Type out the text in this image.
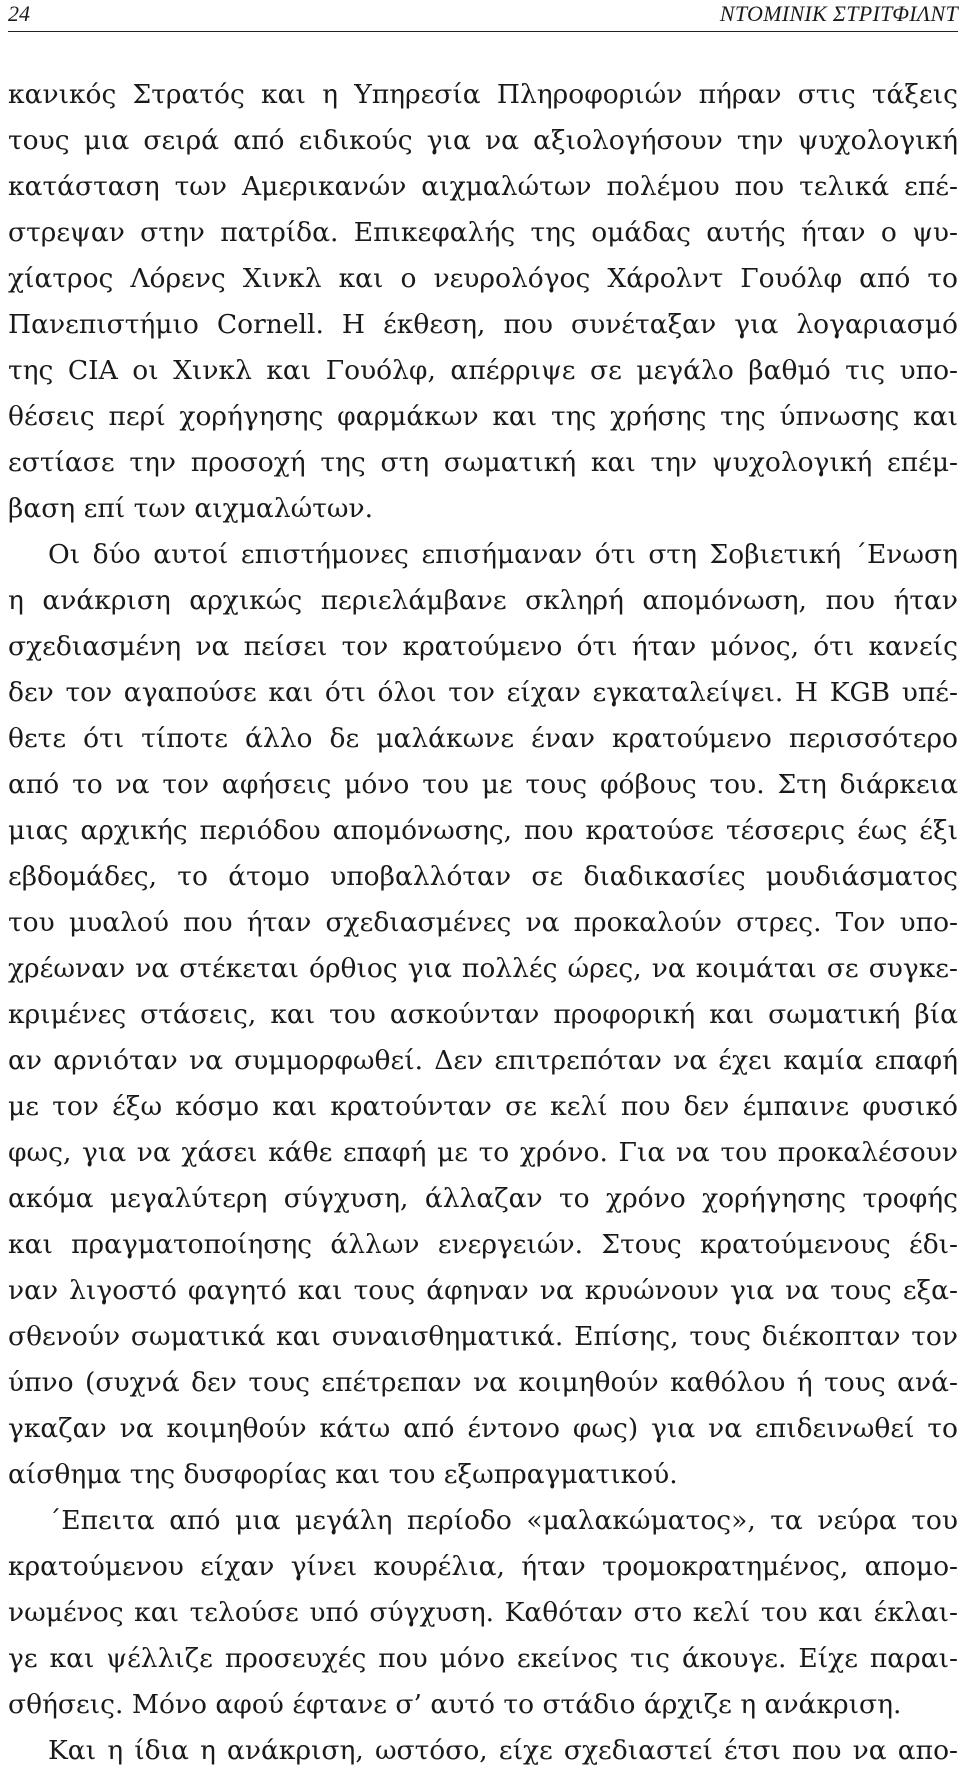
24	ΝΤΟΜΙΝΙΚ ΣΤΡΙΤΦΙΛΝΤ
κανικός Στρατός και η Υπηρεσία Πληροφοριών πήραν στις τάξεις
τους μια σειρά από ειδικούς για να αξιολογήσουν την ψυχολογική
κατάσταση των Αμερικανών αιχμαλώτων πολέμου που τελικά επέ-
στρεψαν στην πατρίδα. Επικεφαλής της ομάδας αυτής ήταν ο ψυ-
χίατρος Λόρενς Χινκλ και ο νευρολόγος Χάρολντ Γουόλφ από το
Πανεπιστήμιο Cornell. Η έκθεση, που συνέταξαν για λογαριασμό
της CIA οι Χινκλ και Γουόλφ, απέρριψε σε μεγάλο βαθμό τις υπο-
θέσεις περί χορήγησης φαρμάκων και της χρήσης της ύπνωσης και
εστίασε την προσοχή της στη σωματική και την ψυχολογική επέμ-
βαση επί των αιχμαλώτων.
Οι δύο αυτοί επιστήμονες επισήμαναν ότι στη Σοβιετική ΄Ενωση
η ανάκριση αρχικώς περιελάμβανε σκληρή απομόνωση, που ήταν
σχεδιασμένη να πείσει τον κρατούμενο ότι ήταν μόνος, ότι κανείς
δεν τον αγαπούσε και ότι όλοι τον είχαν εγκαταλείψει. Η KGB υπέ-
θετε ότι τίποτε άλλο δε μαλάκωνε έναν κρατούμενο περισσότερο
από το να τον αφήσεις μόνο του με τους φόβους του. Στη διάρκεια
μιας αρχικής περιόδου απομόνωσης, που κρατούσε τέσσερις έως έξι
εβδομάδες, το άτομο υποβαλλόταν σε διαδικασίες μουδιάσματος
του μυαλού που ήταν σχεδιασμένες να προκαλούν στρες. Τον υπο-
χρέωναν να στέκεται όρθιος για πολλές ώρες, να κοιμάται σε συγκε-
κριμένες στάσεις, και του ασκούνταν προφορική και σωματική βία
αν αρνιόταν να συμμορφωθεί. Δεν επιτρεπόταν να έχει καμία επαφή
με τον έξω κόσμο και κρατούνταν σε κελί που δεν έμπαινε φυσικό
φως, για να χάσει κάθε επαφή με το χρόνο. Για να του προκαλέσουν
ακόμα μεγαλύτερη σύγχυση, άλλαζαν το χρόνο χορήγησης τροφής
και πραγματοποίησης άλλων ενεργειών. Στους κρατούμενους έδι-
ναν λιγοστό φαγητό και τους άφηναν να κρυώνουν για να τους εξα-
σθενούν σωματικά και συναισθηματικά. Επίσης, τους διέκοπταν τον
ύπνο (συχνά δεν τους επέτρεπαν να κοιμηθούν καθόλου ή τους ανά-
γκαζαν να κοιμηθούν κάτω από έντονο φως) για να επιδεινωθεί το
αίσθημα της δυσφορίας και του εξωπραγματικού.
΄Επειτα από μια μεγάλη περίοδο «μαλακώματος», τα νεύρα του
κρατούμενου είχαν γίνει κουρέλια, ήταν τρομοκρατημένος, απομο-
νωμένος και τελούσε υπό σύγχυση. Καθόταν στο κελί του και έκλαι-
γε και ψέλλιζε προσευχές που μόνο εκείνος τις άκουγε. Είχε παραι-
σθήσεις. Μόνο αφού έφτανε σ’ αυτό το στάδιο άρχιζε η ανάκριση.
Και η ίδια η ανάκριση, ωστόσο, είχε σχεδιαστεί έτσι που να απο-
